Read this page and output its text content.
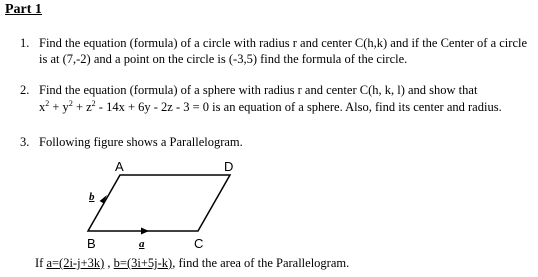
Part 1
1. Find the equation (formula) of a circle with radius r and center C(h,k) and if the Center of a circle
is at (7,-2) and a point on the circle is (-3,5) find the formula of the circle.
2. Find the equation (formula) of a sphere with radius r and center C(h, k, l) and show that
$x^2 + y^2 + z^2 - 14x + 6y - 2z - 3 = 0$ is an equation of a sphere. Also, find its center and radius.
3. Following figure shows a Parallelogram.
A	D
B	C
b
a
If a=(2i-j+3k) , b=(3i+5j-k), find the area of the Parallelogram.
